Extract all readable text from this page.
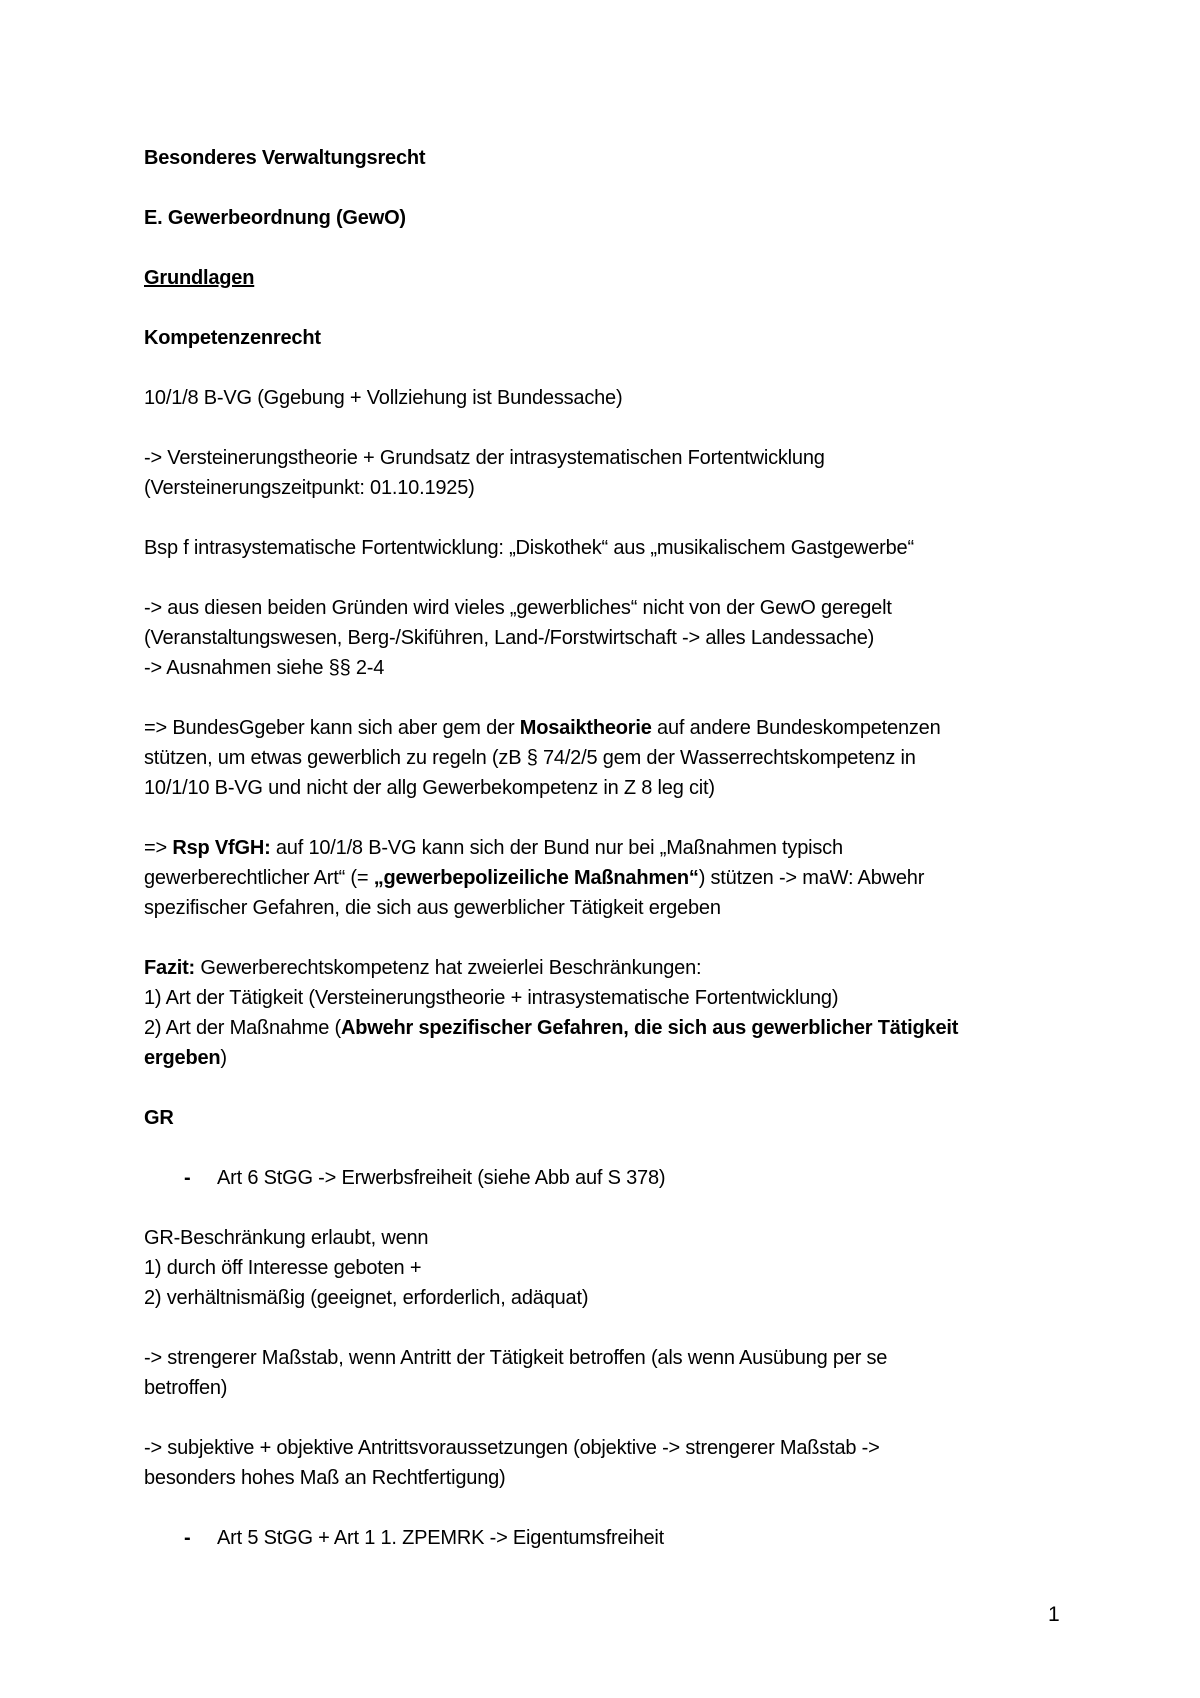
Besonderes Verwaltungsrecht

E. Gewerbeordnung (GewO)

Grundlagen

Kompetenzenrecht

10/1/8 B-VG (Ggebung + Vollziehung ist Bundessache)

-> Versteinerungstheorie + Grundsatz der intrasystematischen Fortentwicklung
(Versteinerungszeitpunkt: 01.10.1925)

Bsp f intrasystematische Fortentwicklung: „Diskothek“ aus „musikalischem Gastgewerbe“

-> aus diesen beiden Gründen wird vieles „gewerbliches“ nicht von der GewO geregelt
(Veranstaltungswesen, Berg-/Skiführen, Land-/Forstwirtschaft -> alles Landessache)
-> Ausnahmen siehe §§ 2-4

=> BundesGgeber kann sich aber gem der Mosaiktheorie auf andere Bundeskompetenzen
stützen, um etwas gewerblich zu regeln (zB § 74/2/5 gem der Wasserrechtskompetenz in
10/1/10 B-VG und nicht der allg Gewerbekompetenz in Z 8 leg cit)

=> Rsp VfGH: auf 10/1/8 B-VG kann sich der Bund nur bei „Maßnahmen typisch
gewerberechtlicher Art“ (= „gewerbepolizeiliche Maßnahmen“) stützen -> maW: Abwehr
spezifischer Gefahren, die sich aus gewerblicher Tätigkeit ergeben

Fazit: Gewerberechtskompetenz hat zweierlei Beschränkungen:
1) Art der Tätigkeit (Versteinerungstheorie + intrasystematische Fortentwicklung)
2) Art der Maßnahme (Abwehr spezifischer Gefahren, die sich aus gewerblicher Tätigkeit
ergeben)

GR

- Art 6 StGG -> Erwerbsfreiheit (siehe Abb auf S 378)

GR-Beschränkung erlaubt, wenn
1) durch öff Interesse geboten +
2) verhältnismäßig (geeignet, erforderlich, adäquat)

-> strengerer Maßstab, wenn Antritt der Tätigkeit betroffen (als wenn Ausübung per se
betroffen)

-> subjektive + objektive Antrittsvoraussetzungen (objektive -> strengerer Maßstab ->
besonders hohes Maß an Rechtfertigung)

- Art 5 StGG + Art 1 1. ZPEMRK -> Eigentumsfreiheit

1
